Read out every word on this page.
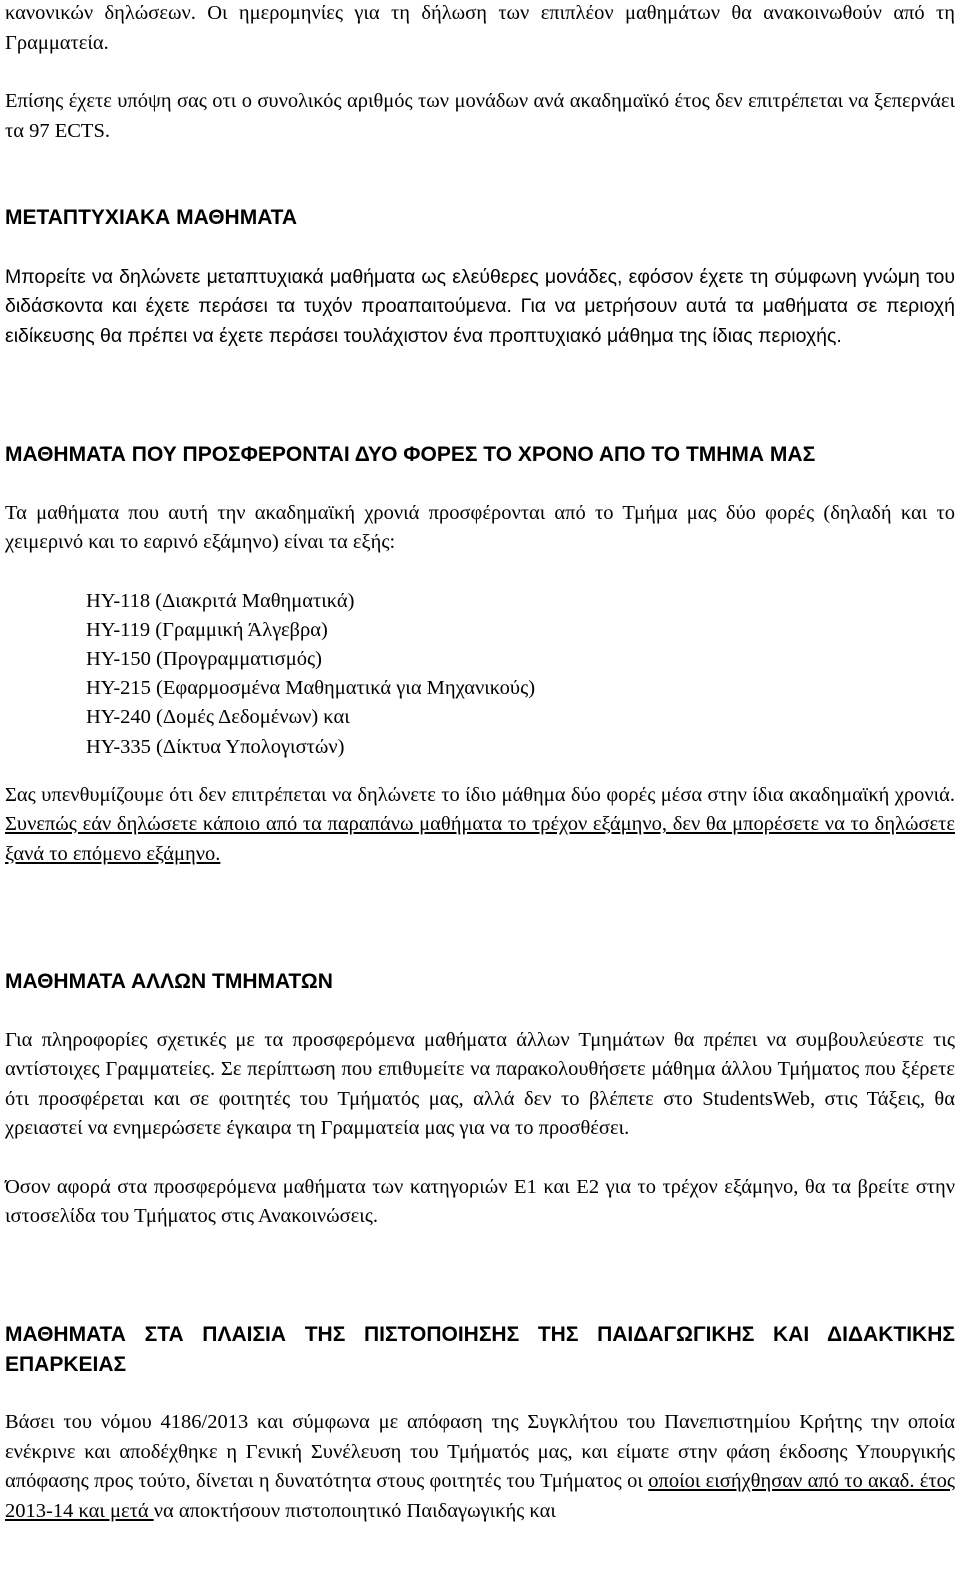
κανονικών δηλώσεων. Οι ημερομηνίες για τη δήλωση των επιπλέον μαθημάτων θα ανακοινωθούν από τη Γραμματεία.

Επίσης έχετε υπόψη σας οτι ο συνολικός αριθμός των μονάδων ανά ακαδημαϊκό έτος δεν επιτρέπεται να ξεπερνάει τα 97 ECTS.

ΜΕΤΑΠΤΥΧΙΑΚΑ ΜΑΘΗΜΑΤΑ

Μπορείτε να δηλώνετε μεταπτυχιακά μαθήματα ως ελεύθερες μονάδες, εφόσον έχετε τη σύμφωνη γνώμη του διδάσκοντα και έχετε περάσει τα τυχόν προαπαιτούμενα. Για να μετρήσουν αυτά τα μαθήματα σε περιοχή ειδίκευσης θα πρέπει να έχετε περάσει τουλάχιστον ένα προπτυχιακό μάθημα της ίδιας περιοχής.

ΜΑΘΗΜΑΤΑ ΠΟΥ ΠΡΟΣΦΕΡΟΝΤΑΙ ΔΥΟ ΦΟΡΕΣ ΤΟ ΧΡΟΝΟ ΑΠΟ ΤΟ ΤΜΗΜΑ ΜΑΣ

Τα μαθήματα που αυτή την ακαδημαϊκή χρονιά προσφέρονται από το Τμήμα μας δύο φορές (δηλαδή και το χειμερινό και το εαρινό εξάμηνο) είναι τα εξής:

ΗΥ-118 (Διακριτά Μαθηματικά)
ΗΥ-119 (Γραμμική Άλγεβρα)
ΗΥ-150 (Προγραμματισμός)
ΗΥ-215 (Εφαρμοσμένα Μαθηματικά για Μηχανικούς)
ΗΥ-240 (Δομές Δεδομένων) και
ΗΥ-335 (Δίκτυα Υπολογιστών)

Σας υπενθυμίζουμε ότι δεν επιτρέπεται να δηλώνετε το ίδιο μάθημα δύο φορές μέσα στην ίδια ακαδημαϊκή χρονιά. Συνεπώς εάν δηλώσετε κάποιο από τα παραπάνω μαθήματα το τρέχον εξάμηνο, δεν θα μπορέσετε να το δηλώσετε ξανά το επόμενο εξάμηνο.

ΜΑΘΗΜΑΤΑ ΑΛΛΩΝ ΤΜΗΜΑΤΩΝ

Για πληροφορίες σχετικές με τα προσφερόμενα μαθήματα άλλων Τμημάτων θα πρέπει να συμβουλεύεστε τις αντίστοιχες Γραμματείες. Σε περίπτωση που επιθυμείτε να παρακολουθήσετε μάθημα άλλου Τμήματος που ξέρετε ότι προσφέρεται και σε φοιτητές του Τμήματός μας, αλλά δεν το βλέπετε στο StudentsWeb, στις Τάξεις, θα χρειαστεί να ενημερώσετε έγκαιρα τη Γραμματεία μας για να το προσθέσει.

Όσον αφορά στα προσφερόμενα μαθήματα των κατηγοριών Ε1 και Ε2 για το τρέχον εξάμηνο, θα τα βρείτε στην ιστοσελίδα του Τμήματος στις Ανακοινώσεις.

ΜΑΘΗΜΑΤΑ ΣΤΑ ΠΛΑΙΣΙΑ ΤΗΣ ΠΙΣΤΟΠΟΙΗΣΗΣ ΤΗΣ ΠΑΙΔΑΓΩΓΙΚΗΣ ΚΑΙ ΔΙΔΑΚΤΙΚΗΣ ΕΠΑΡΚΕΙΑΣ

Βάσει του νόμου 4186/2013 και σύμφωνα με απόφαση της Συγκλήτου του Πανεπιστημίου Κρήτης την οποία ενέκρινε και αποδέχθηκε η Γενική Συνέλευση του Τμήματός μας, και είματε στην φάση έκδοσης Υπουργικής απόφασης προς τούτο, δίνεται η δυνατότητα στους φοιτητές του Τμήματος οι οποίοι εισήχθησαν από το ακαδ. έτος 2013-14 και μετά να αποκτήσουν πιστοποιητικό Παιδαγωγικής και
